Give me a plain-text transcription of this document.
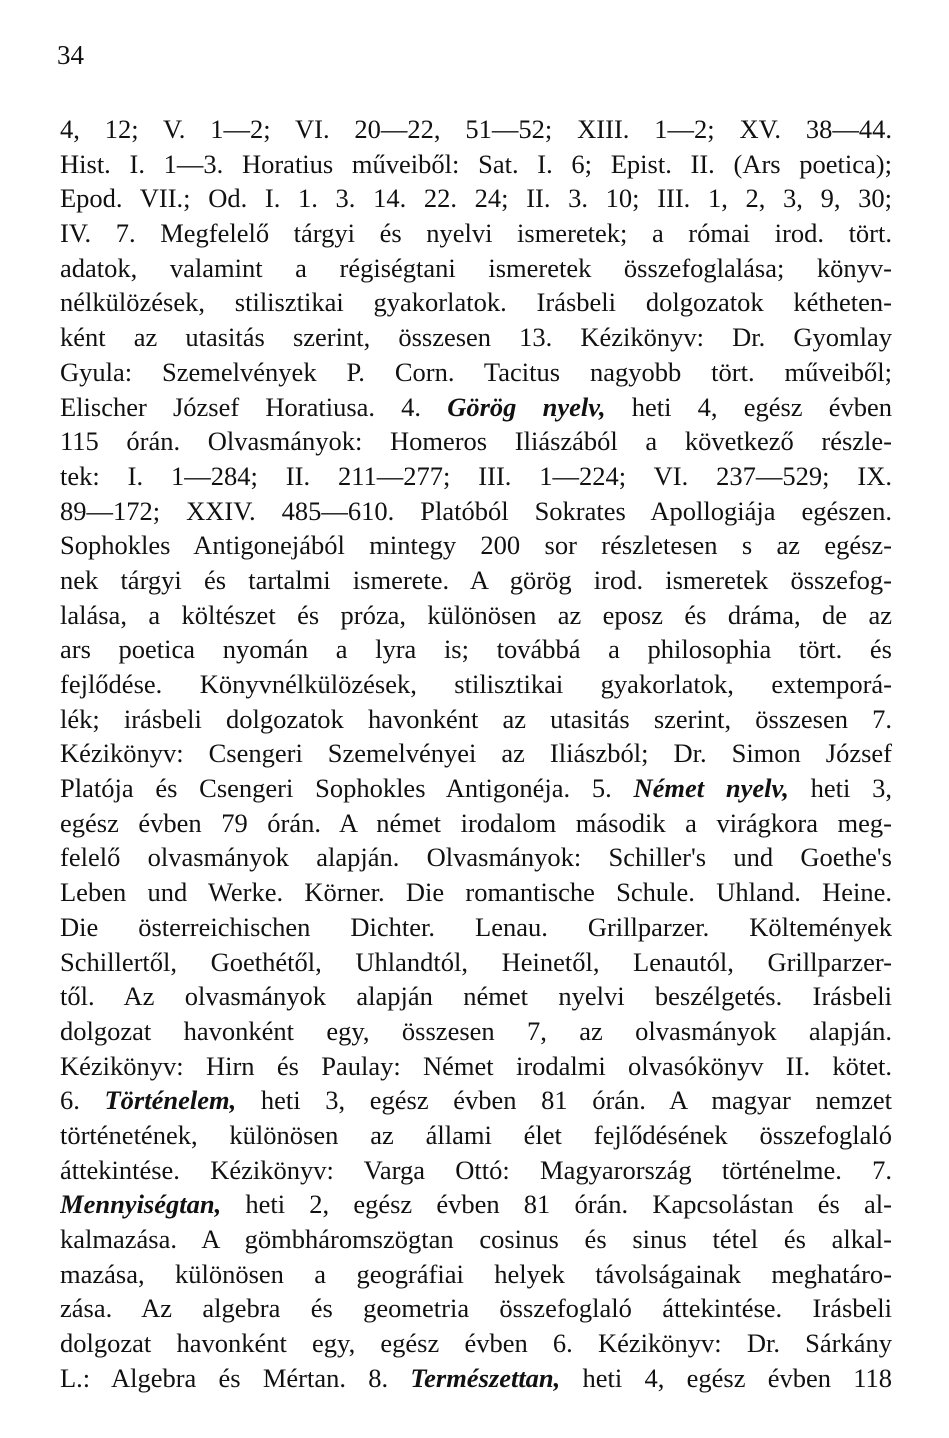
34
4, 12; V. 1—2; VI. 20—22, 51—52; XIII. 1—2; XV. 38—44.
Hist. I. 1—3. Horatius műveiből: Sat. I. 6; Epist. II. (Ars poetica);
Epod. VII.; Od. I. 1. 3. 14. 22. 24; II. 3. 10; III. 1, 2, 3, 9, 30;
IV. 7. Megfelelő tárgyi és nyelvi ismeretek; a római irod. tört.
adatok, valamint a régiségtani ismeretek összefoglalása; könyv-
nélkülözések, stilisztikai gyakorlatok. Irásbeli dolgozatok kétheten-
ként az utasitás szerint, összesen 13. Kézikönyv: Dr. Gyomlay
Gyula: Szemelvények P. Corn. Tacitus nagyobb tört. műveiből;
Elischer József Horatiusa. 4. Görög nyelv, heti 4, egész évben
115 órán. Olvasmányok: Homeros Iliászából a következő részle-
tek: I. 1—284; II. 211—277; III. 1—224; VI. 237—529; IX.
89—172; XXIV. 485—610. Platóból Sokrates Apollogiája egészen.
Sophokles Antigonejából mintegy 200 sor részletesen s az egész-
nek tárgyi és tartalmi ismerete. A görög irod. ismeretek összefog-
lalása, a költészet és próza, különösen az eposz és dráma, de az
ars poetica nyomán a lyra is; továbbá a philosophia tört. és
fejlődése. Könyvnélkülözések, stilisztikai gyakorlatok, extemporá-
lék; irásbeli dolgozatok havonként az utasitás szerint, összesen 7.
Kézikönyv: Csengeri Szemelvényei az Iliászból; Dr. Simon József
Platója és Csengeri Sophokles Antigonéja. 5. Német nyelv, heti 3,
egész évben 79 órán. A német irodalom második a virágkora meg-
felelő olvasmányok alapján. Olvasmányok: Schiller's und Goethe's
Leben und Werke. Körner. Die romantische Schule. Uhland. Heine.
Die österreichischen Dichter. Lenau. Grillparzer. Költemények
Schillertől, Goethétől, Uhlandtól, Heinetől, Lenautól, Grillparzer-
től. Az olvasmányok alapján német nyelvi beszélgetés. Irásbeli
dolgozat havonként egy, összesen 7, az olvasmányok alapján.
Kézikönyv: Hirn és Paulay: Német irodalmi olvasókönyv II. kötet.
6. Történelem, heti 3, egész évben 81 órán. A magyar nemzet
történetének, különösen az állami élet fejlődésének összefoglaló
áttekintése. Kézikönyv: Varga Ottó: Magyarország történelme. 7.
Mennyiségtan, heti 2, egész évben 81 órán. Kapcsolástan és al-
kalmazása. A gömbháromszögtan cosinus és sinus tétel és alkal-
mazása, különösen a geográfiai helyek távolságainak meghatáro-
zása. Az algebra és geometria összefoglaló áttekintése. Irásbeli
dolgozat havonként egy, egész évben 6. Kézikönyv: Dr. Sárkány
L.: Algebra és Mértan. 8. Természettan, heti 4, egész évben 118
